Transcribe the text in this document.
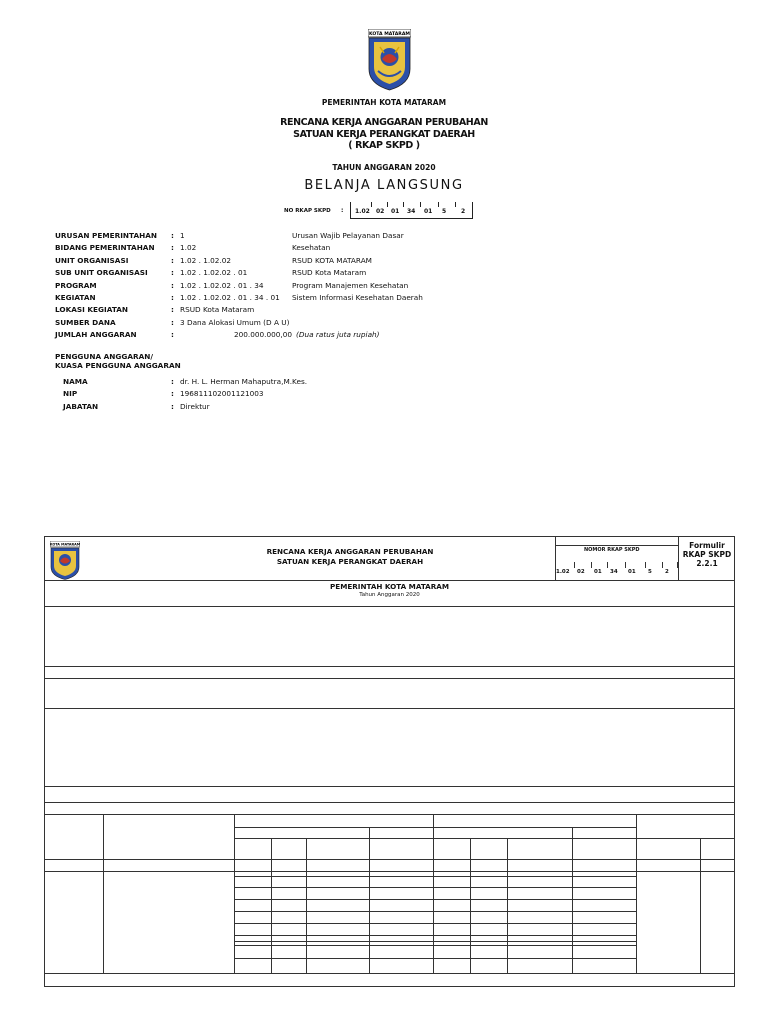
KOTA MATARAM
PEMERINTAH KOTA MATARAM
RENCANA KERJA ANGGARAN PERUBAHAN
SATUAN KERJA PERANGKAT DAERAH
( RKAP SKPD )
TAHUN ANGGARAN 2020
BELANJA LANGSUNG
NO RKAP SKPD : 1.02 02 01 34 01 5 2
URUSAN PEMERINTAHAN : 1	Urusan Wajib Pelayanan Dasar
BIDANG PEMERINTAHAN : 1.02	Kesehatan
UNIT ORGANISASI	: 1.02 . 1.02.02	RSUD KOTA MATARAM
SUB UNIT ORGANISASI	: 1.02 . 1.02.02 . 01	RSUD Kota Mataram
PROGRAM	: 1.02 . 1.02.02 . 01 . 34	Program Manajemen Kesehatan
KEGIATAN	: 1.02 . 1.02.02 . 01 . 34 . 01 Sistem Informasi Kesehatan Daerah
LOKASI KEGIATAN	: RSUD Kota Mataram
SUMBER DANA	: 3 Dana Alokasi Umum (D A U)
JUMLAH ANGGARAN	:	200.000.000,00 (Dua ratus juta rupiah)
PENGGUNA ANGGARAN/
KUASA PENGGUNA ANGGARAN
NAMA	: dr. H. L. Herman Mahaputra,M.Kes.
NIP	: 196811102001121003
JABATAN	: Direktur
KOTA MATARAM
RENCANA KERJA ANGGARAN PERUBAHAN
SATUAN KERJA PERANGKAT DAERAH
NOMOR RKAP SKPD
1.02 02 01 34 01 5 2
Formulir
RKAP SKPD
2.2.1
PEMERINTAH KOTA MATARAM
Tahun Anggaran 2020
